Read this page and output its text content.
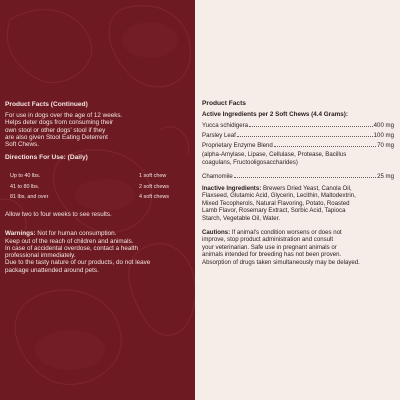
Product Facts (Continued)
For use in dogs over the age of 12 weeks.
Helps deter dogs from consuming their
own stool or other dogs' stool if they
are also given Stool Eating Deterrent
Soft Chews.
Directions For Use: (Daily)
Up to 40 lbs.	1 soft chew
41 to 80 lbs.	2 soft chews
81 lbs. and over	4 soft chews
Allow two to four weeks to see results.
Warnings: Not for human consumption.
Keep out of the reach of children and animals.
In case of accidental overdose, contact a health
professional immediately.
Due to the tasty nature of our products, do not leave
package unattended around pets.
Product Facts
Active Ingredients per 2 Soft Chews (4.4 Grams):
Yucca schidigera	400 mg
Parsley Leaf	100 mg
Proprietary Enzyme Blend	70 mg
(alpha-Amylase, Lipase, Cellulase, Protease, Bacillus
coagulans, Fructooligosaccharides)
Chamomile	25 mg
Inactive Ingredients: Brewers Dried Yeast, Canola Oil,
Flaxseed, Glutamic Acid, Glycerin, Lecithin, Maltodextrin,
Mixed Tecopherols, Natural Flavoring, Potato, Roasted
Lamb Flavor, Rosemary Extract, Sorbic Acid, Tapioca
Starch, Vegetable Oil, Water.
Cautions: If animal's condition worsens or does not
improve, stop product administration and consult
your veterinarian. Safe use in pregnant animals or
animals intended for breeding has not been proven.
Absorption of drugs taken simultaneously may be delayed.
